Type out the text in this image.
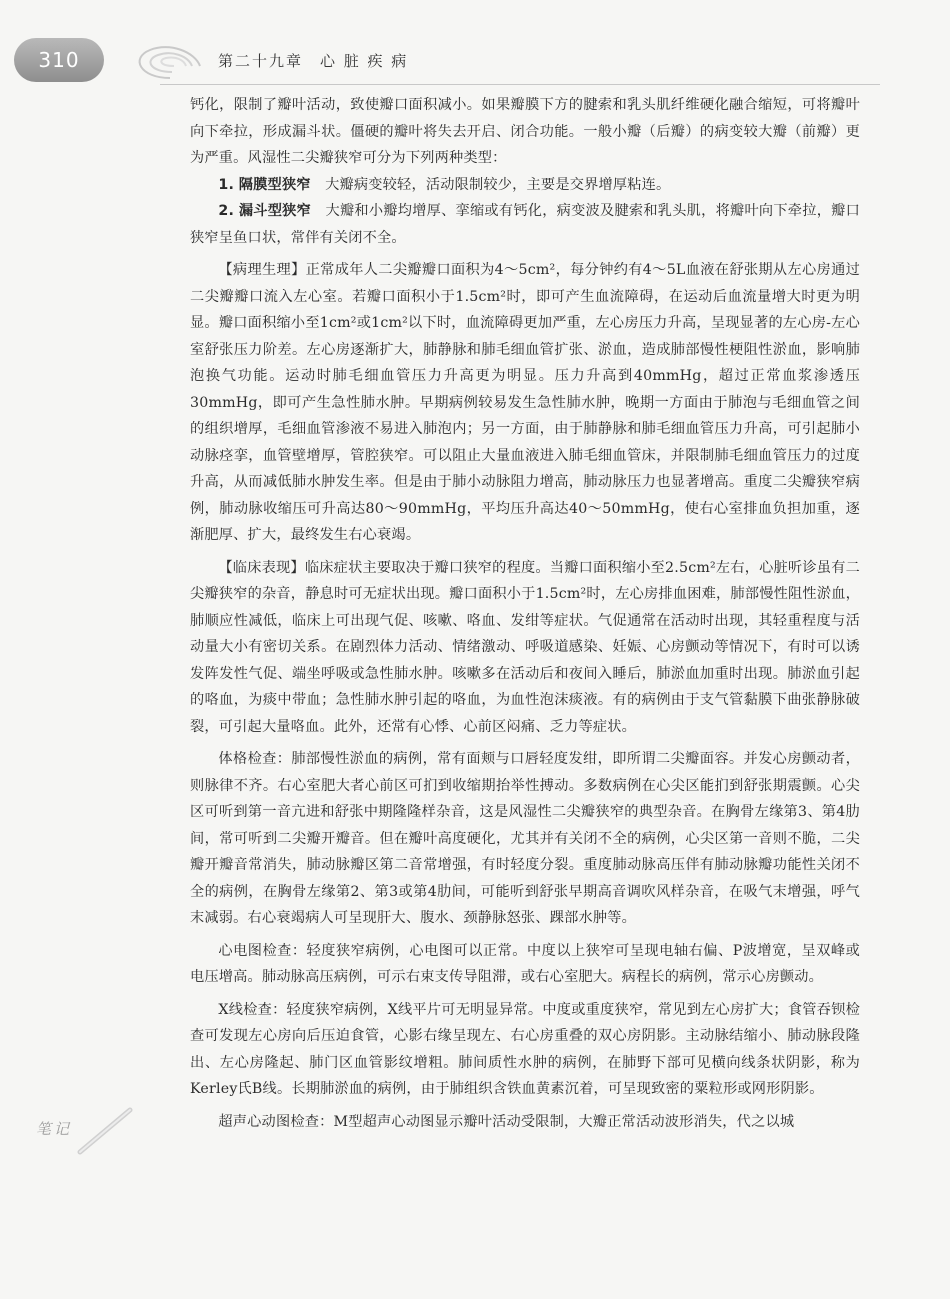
310	第二十九章　心 脏 疾 病

钙化，限制了瓣叶活动，致使瓣口面积减小。如果瓣膜下方的腱索和乳头肌纤维硬化融合缩短，可将瓣叶向下牵拉，形成漏斗状。僵硬的瓣叶将失去开启、闭合功能。一般小瓣（后瓣）的病变较大瓣（前瓣）更为严重。风湿性二尖瓣狭窄可分为下列两种类型：

1. 隔膜型狭窄　大瓣病变较轻，活动限制较少，主要是交界增厚粘连。

2. 漏斗型狭窄　大瓣和小瓣均增厚、挛缩或有钙化，病变波及腱索和乳头肌，将瓣叶向下牵拉，瓣口狭窄呈鱼口状，常伴有关闭不全。

【病理生理】正常成年人二尖瓣瓣口面积为4～5cm²，每分钟约有4～5L血液在舒张期从左心房通过二尖瓣瓣口流入左心室。若瓣口面积小于1.5cm²时，即可产生血流障碍，在运动后血流量增大时更为明显。瓣口面积缩小至1cm²或1cm²以下时，血流障碍更加严重，左心房压力升高，呈现显著的左心房-左心室舒张压力阶差。左心房逐渐扩大，肺静脉和肺毛细血管扩张、淤血，造成肺部慢性梗阻性淤血，影响肺泡换气功能。运动时肺毛细血管压力升高更为明显。压力升高到40mmHg，超过正常血浆渗透压30mmHg，即可产生急性肺水肿。早期病例较易发生急性肺水肿，晚期一方面由于肺泡与毛细血管之间的组织增厚，毛细血管渗液不易进入肺泡内；另一方面，由于肺静脉和肺毛细血管压力升高，可引起肺小动脉痉挛，血管壁增厚，管腔狭窄。可以阻止大量血液进入肺毛细血管床，并限制肺毛细血管压力的过度升高，从而减低肺水肿发生率。但是由于肺小动脉阻力增高，肺动脉压力也显著增高。重度二尖瓣狭窄病例，肺动脉收缩压可升高达80～90mmHg，平均压升高达40～50mmHg，使右心室排血负担加重，逐渐肥厚、扩大，最终发生右心衰竭。

【临床表现】临床症状主要取决于瓣口狭窄的程度。当瓣口面积缩小至2.5cm²左右，心脏听诊虽有二尖瓣狭窄的杂音，静息时可无症状出现。瓣口面积小于1.5cm²时，左心房排血困难，肺部慢性阻性淤血，肺顺应性减低，临床上可出现气促、咳嗽、咯血、发绀等症状。气促通常在活动时出现，其轻重程度与活动量大小有密切关系。在剧烈体力活动、情绪激动、呼吸道感染、妊娠、心房颤动等情况下，有时可以诱发阵发性气促、端坐呼吸或急性肺水肿。咳嗽多在活动后和夜间入睡后，肺淤血加重时出现。肺淤血引起的咯血，为痰中带血；急性肺水肿引起的咯血，为血性泡沫痰液。有的病例由于支气管黏膜下曲张静脉破裂，可引起大量咯血。此外，还常有心悸、心前区闷痛、乏力等症状。

体格检查：肺部慢性淤血的病例，常有面颊与口唇轻度发绀，即所谓二尖瓣面容。并发心房颤动者，则脉律不齐。右心室肥大者心前区可扪到收缩期抬举性搏动。多数病例在心尖区能扪到舒张期震颤。心尖区可听到第一音亢进和舒张中期隆隆样杂音，这是风湿性二尖瓣狭窄的典型杂音。在胸骨左缘第3、第4肋间，常可听到二尖瓣开瓣音。但在瓣叶高度硬化，尤其并有关闭不全的病例，心尖区第一音则不脆，二尖瓣开瓣音常消失，肺动脉瓣区第二音常增强，有时轻度分裂。重度肺动脉高压伴有肺动脉瓣功能性关闭不全的病例，在胸骨左缘第2、第3或第4肋间，可能听到舒张早期高音调吹风样杂音，在吸气末增强，呼气末减弱。右心衰竭病人可呈现肝大、腹水、颈静脉怒张、踝部水肿等。

心电图检查：轻度狭窄病例，心电图可以正常。中度以上狭窄可呈现电轴右偏、P波增宽，呈双峰或电压增高。肺动脉高压病例，可示右束支传导阻滞，或右心室肥大。病程长的病例，常示心房颤动。

X线检查：轻度狭窄病例，X线平片可无明显异常。中度或重度狭窄，常见到左心房扩大；食管吞钡检查可发现左心房向后压迫食管，心影右缘呈现左、右心房重叠的双心房阴影。主动脉结缩小、肺动脉段隆出、左心房隆起、肺门区血管影纹增粗。肺间质性水肿的病例，在肺野下部可见横向线条状阴影，称为Kerley氏B线。长期肺淤血的病例，由于肺组织含铁血黄素沉着，可呈现致密的粟粒形或网形阴影。

超声心动图检查：M型超声心动图显示瓣叶活动受限制，大瓣正常活动波形消失，代之以城

笔记
